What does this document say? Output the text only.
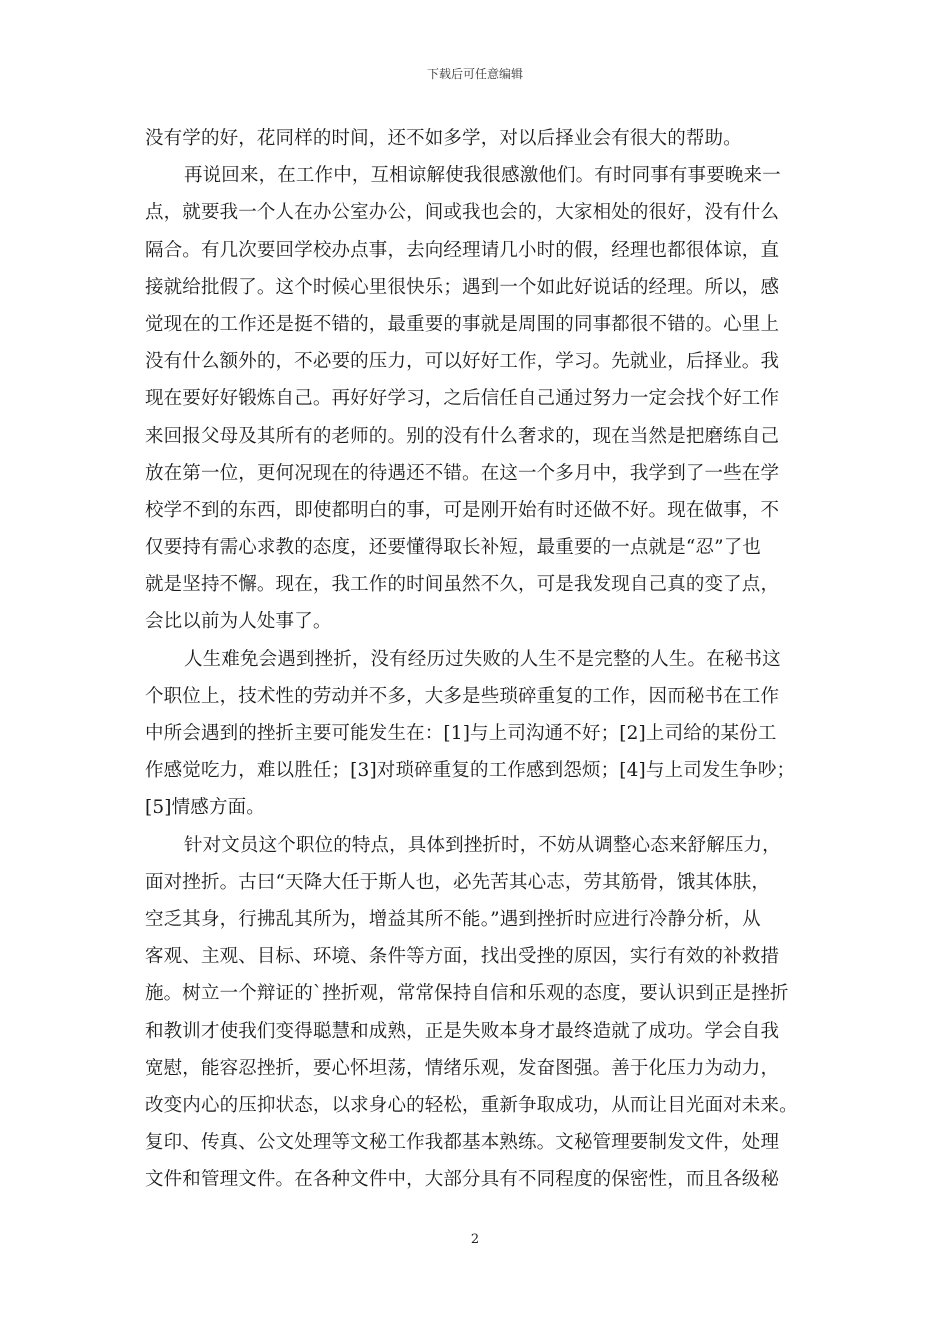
下载后可任意编辑
没有学的好，花同样的时间，还不如多学，对以后择业会有很大的帮助。
再说回来，在工作中，互相谅解使我很感激他们。有时同事有事要晚来一
点，就要我一个人在办公室办公，间或我也会的，大家相处的很好，没有什么
隔合。有几次要回学校办点事，去向经理请几小时的假，经理也都很体谅，直
接就给批假了。这个时候心里很快乐；遇到一个如此好说话的经理。所以，感
觉现在的工作还是挺不错的，最重要的事就是周围的同事都很不错的。心里上
没有什么额外的，不必要的压力，可以好好工作，学习。先就业，后择业。我
现在要好好锻炼自己。再好好学习，之后信任自己通过努力一定会找个好工作
来回报父母及其所有的老师的。别的没有什么奢求的，现在当然是把磨练自己
放在第一位，更何况现在的待遇还不错。在这一个多月中，我学到了一些在学
校学不到的东西，即使都明白的事，可是刚开始有时还做不好。现在做事，不
仅要持有需心求教的态度，还要懂得取长补短，最重要的一点就是“忍”了也
就是坚持不懈。现在，我工作的时间虽然不久，可是我发现自己真的变了点，
会比以前为人处事了。
人生难免会遇到挫折，没有经历过失败的人生不是完整的人生。在秘书这
个职位上，技术性的劳动并不多，大多是些琐碎重复的工作，因而秘书在工作
中所会遇到的挫折主要可能发生在：[1]与上司沟通不好；[2]上司给的某份工
作感觉吃力，难以胜任；[3]对琐碎重复的工作感到怨烦；[4]与上司发生争吵；
[5]情感方面。
针对文员这个职位的特点，具体到挫折时，不妨从调整心态来舒解压力，
面对挫折。古曰“天降大任于斯人也，必先苦其心志，劳其筋骨，饿其体肤，
空乏其身，行拂乱其所为，增益其所不能。”遇到挫折时应进行冷静分析，从
客观、主观、目标、环境、条件等方面，找出受挫的原因，实行有效的补救措
施。树立一个辩证的`挫折观，常常保持自信和乐观的态度，要认识到正是挫折
和教训才使我们变得聪慧和成熟，正是失败本身才最终造就了成功。学会自我
宽慰，能容忍挫折，要心怀坦荡，情绪乐观，发奋图强。善于化压力为动力，
改变内心的压抑状态，以求身心的轻松，重新争取成功，从而让目光面对未来。
复印、传真、公文处理等文秘工作我都基本熟练。文秘管理要制发文件，处理
文件和管理文件。在各种文件中，大部分具有不同程度的保密性，而且各级秘
2
